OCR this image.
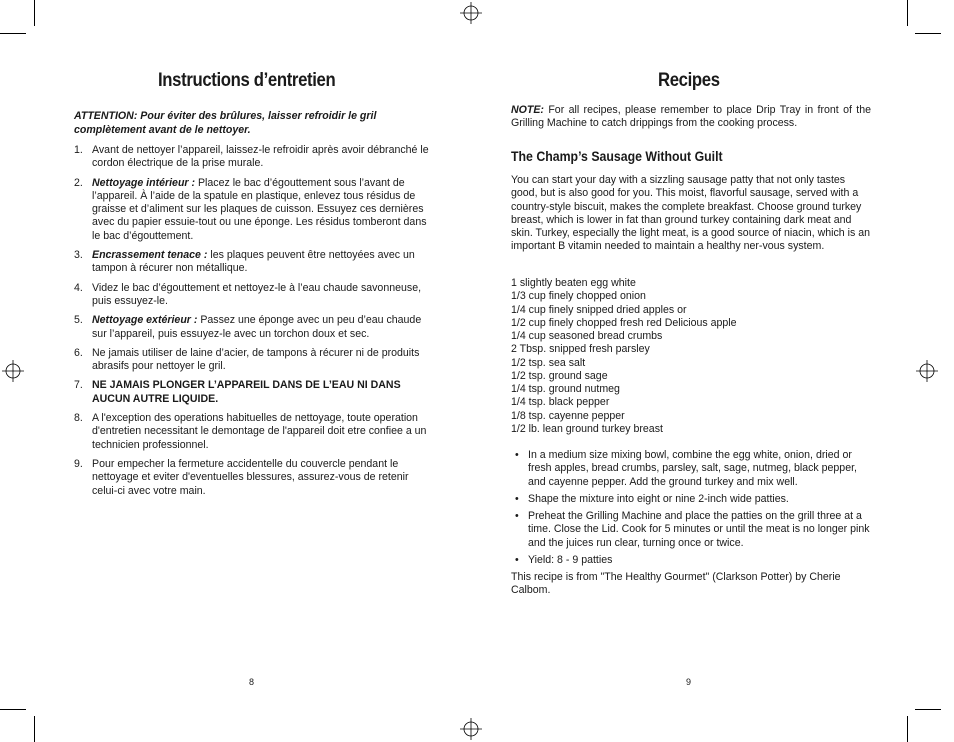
Instructions d’entretien

ATTENTION: Pour éviter des brûlures, laisser refroidir le gril complètement avant de le nettoyer.

1. Avant de nettoyer l’appareil, laissez-le refroidir après avoir débranché le cordon électrique de la prise murale.
2. Nettoyage intérieur : Placez le bac d’égouttement sous l’avant de l’appareil. À l’aide de la spatule en plastique, enlevez tous résidus de graisse et d’aliment sur les plaques de cuisson. Essuyez ces dernières avec du papier essuie-tout ou une éponge. Les résidus tomberont dans le bac d’égouttement.
3. Encrassement tenace : les plaques peuvent être nettoyées avec un tampon à récurer non métallique.
4. Videz le bac d’égouttement et nettoyez-le à l’eau chaude savonneuse, puis essuyez-le.
5. Nettoyage extérieur : Passez une éponge avec un peu d’eau chaude sur l’appareil, puis essuyez-le avec un torchon doux et sec.
6. Ne jamais utiliser de laine d’acier, de tampons à récurer ni de produits abrasifs pour nettoyer le gril.
7. NE JAMAIS PLONGER L’APPAREIL DANS DE L’EAU NI DANS AUCUN AUTRE LIQUIDE.
8. A l'exception des operations habituelles de nettoyage, toute operation d'entretien necessitant le demontage de l'appareil doit etre confiee a un technicien professionnel.
9. Pour empecher la fermeture accidentelle du couvercle pendant le nettoyage et eviter d'eventuelles blessures, assurez-vous de retenir celui-ci avec votre main.
8
Recipes

NOTE: For all recipes, please remember to place Drip Tray in front of the Grilling Machine to catch drippings from the cooking process.

The Champ’s Sausage Without Guilt

You can start your day with a sizzling sausage patty that not only tastes good, but is also good for you. This moist, flavorful sausage, served with a country-style biscuit, makes the complete breakfast. Choose ground turkey breast, which is lower in fat than ground turkey containing dark meat and skin. Turkey, especially the light meat, is a good source of niacin, which is an important B vitamin needed to maintain a healthy ner-vous system.

1 slightly beaten egg white
1/3 cup finely chopped onion
1/4 cup finely snipped dried apples or
1/2 cup finely chopped fresh red Delicious apple
1/4 cup seasoned bread crumbs
2 Tbsp. snipped fresh parsley
1/2 tsp. sea salt
1/2 tsp. ground sage
1/4 tsp. ground nutmeg
1/4 tsp. black pepper
1/8 tsp. cayenne pepper
1/2 lb. lean ground turkey breast
• In a medium size mixing bowl, combine the egg white, onion, dried or fresh apples, bread crumbs, parsley, salt, sage, nutmeg, black pepper, and cayenne pepper. Add the ground turkey and mix well.
• Shape the mixture into eight or nine 2-inch wide patties.
• Preheat the Grilling Machine and place the patties on the grill three at a time. Close the Lid. Cook for 5 minutes or until the meat is no longer pink and the juices run clear, turning once or twice.
• Yield: 8 - 9 patties

This recipe is from "The Healthy Gourmet" (Clarkson Potter) by Cherie Calbom.

9
